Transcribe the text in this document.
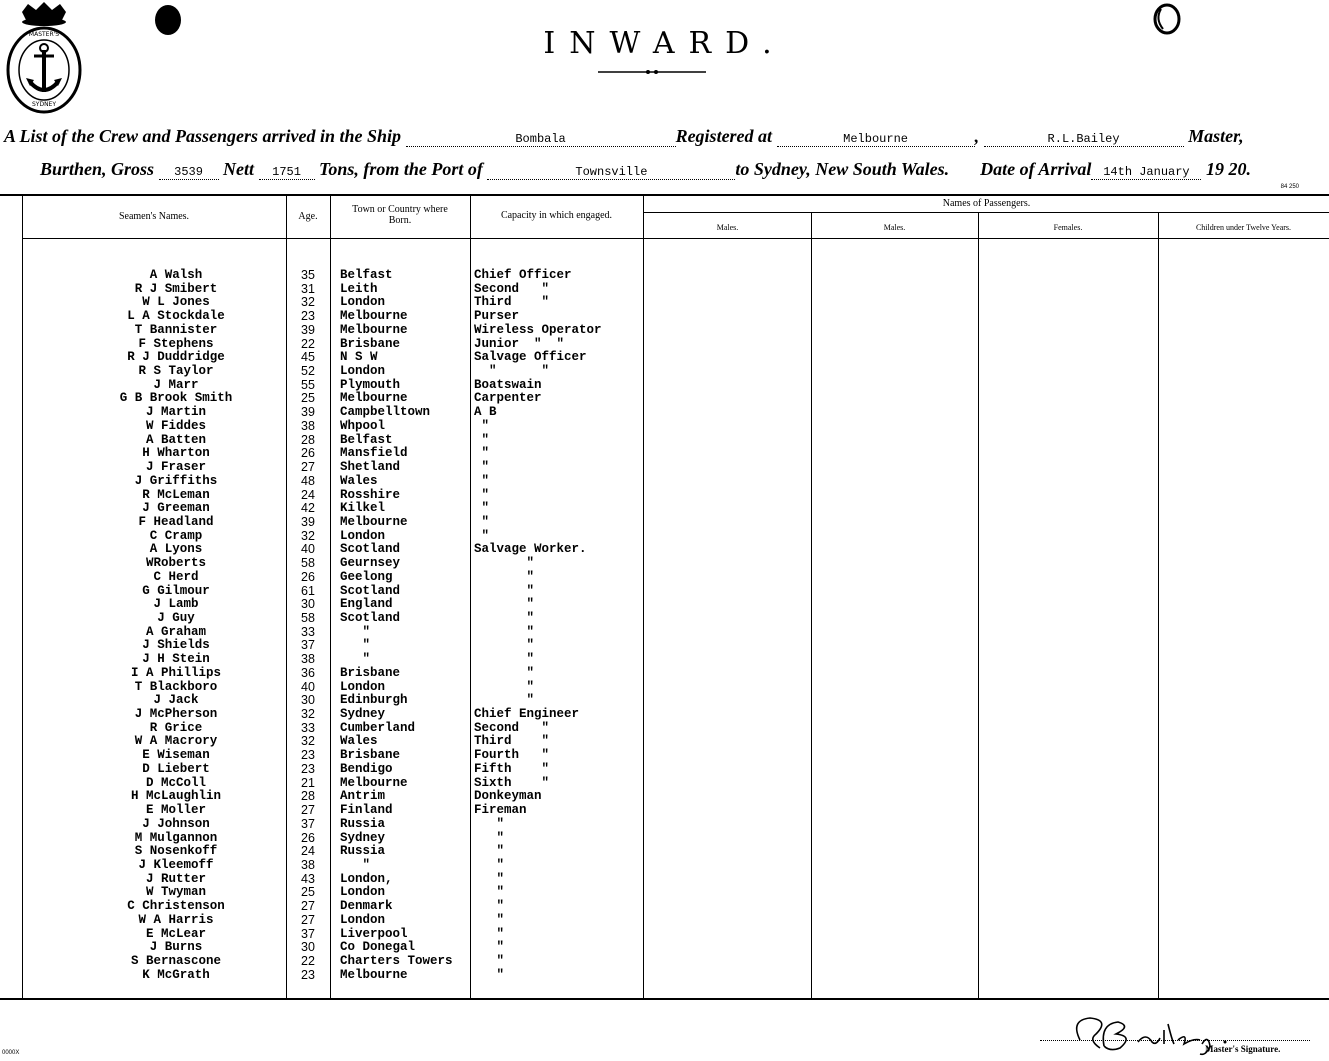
MASTER'S
SYDNEY
INWARD.
A List of the Crew and Passengers arrived in the Ship	Bombala	Registered at	Melbourne	,	R.L.Bailey	Master,
Burthen, Gross 3539 Nett 1751 Tons, from the Port of	Townsville	to Sydney, New South Wales. Date of Arrival 14th January 19 20.
84 250
Seamen's Names.	Age.
Town or Country where Born.	Capacity in which engaged.
Names of Passengers.
Males.	Males.	Females.	Children under Twelve Years.
A Walsh	35	Belfast	Chief Officer
R J Smibert	31	Leith	Second   "
W L Jones	32	London	Third    "
L A Stockdale	23	Melbourne	Purser
T Bannister	39	Melbourne	Wireless Operator
F Stephens	22	Brisbane	Junior  "  "
R J Duddridge	45	N S W	Salvage Officer
R S Taylor	52	London	"      "
J Marr	55	Plymouth	Boatswain
G B Brook Smith	25	Melbourne	Carpenter
J Martin	39	Campbelltown	A B
W Fiddes	38	Whpool	"
A Batten	28	Belfast	"
H Wharton	26	Mansfield	"
J Fraser	27	Shetland	"
J Griffiths	48	Wales	"
R McLeman	24	Rosshire	"
J Greeman	42	Kilkel	"
F Headland	39	Melbourne	"
C Cramp	32	London	"
A Lyons	40	Scotland	Salvage Worker.
WRoberts	58	Geurnsey	"
C Herd	26	Geelong	"
G Gilmour	61	Scotland	"
J Lamb	30	England	"
J Guy	58	Scotland	"
A Graham	33	"	"
J Shields	37	"	"
J H Stein	38	"	"
I A Phillips	36	Brisbane	"
T Blackboro	40	London	"
J Jack	30	Edinburgh	"
J McPherson	32	Sydney	Chief Engineer
R Grice	33	Cumberland	Second   "
W A Macrory	32	Wales	Third    "
E Wiseman	23	Brisbane	Fourth   "
D Liebert	23	Bendigo	Fifth    "
D McColl	21	Melbourne	Sixth    "
H McLaughlin	28	Antrim	Donkeyman
E Moller	27	Finland	Fireman
J Johnson	37	Russia	"
M Mulgannon	26	Sydney	"
S Nosenkoff	24	Russia	"
J Kleemoff	38	"	"
J Rutter	43	London,	"
W Twyman	25	London	"
C Christenson	27	Denmark	"
W A Harris	27	London	"
E McLear	37	Liverpool	"
J Burns	30	Co Donegal	"
S Bernascone	22	Charters Towers	"
K McGrath	23	Melbourne	"
Master's Signature.
0000X
